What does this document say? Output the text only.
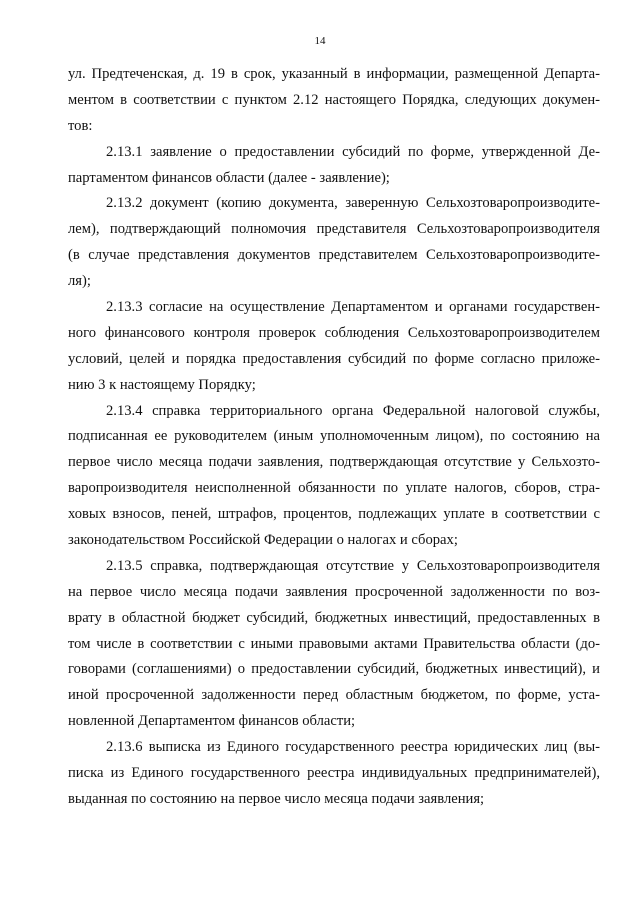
14
ул. Предтеченская, д. 19 в срок, указанный в информации, размещенной Департа-
ментом в соответствии с пунктом 2.12 настоящего Порядка, следующих докумен-
тов:
2.13.1 заявление о предоставлении субсидий по форме, утвержденной Де-
партаментом финансов области (далее - заявление);
2.13.2 документ (копию документа, заверенную Сельхозтоваропроизводите-
лем), подтверждающий полномочия представителя Сельхозтоваропроизводителя
(в случае представления документов представителем Сельхозтоваропроизводите-
ля);
2.13.3 согласие на осуществление Департаментом и органами государствен-
ного финансового контроля проверок соблюдения Сельхозтоваропроизводителем
условий, целей и порядка предоставления субсидий по форме согласно приложе-
нию 3 к настоящему Порядку;
2.13.4 справка территориального органа Федеральной налоговой службы,
подписанная ее руководителем (иным уполномоченным лицом), по состоянию на
первое число месяца подачи заявления, подтверждающая отсутствие у Сельхозто-
варопроизводителя неисполненной обязанности по уплате налогов, сборов, стра-
ховых взносов, пеней, штрафов, процентов, подлежащих уплате в соответствии с
законодательством Российской Федерации о налогах и сборах;
2.13.5 справка, подтверждающая отсутствие у Сельхозтоваропроизводителя
на первое число месяца подачи заявления просроченной задолженности по воз-
врату в областной бюджет субсидий, бюджетных инвестиций, предоставленных в
том числе в соответствии с иными правовыми актами Правительства области (до-
говорами (соглашениями) о предоставлении субсидий, бюджетных инвестиций), и
иной просроченной задолженности перед областным бюджетом, по форме, уста-
новленной Департаментом финансов области;
2.13.6 выписка из Единого государственного реестра юридических лиц (вы-
писка из Единого государственного реестра индивидуальных предпринимателей),
выданная по состоянию на первое число месяца подачи заявления;
